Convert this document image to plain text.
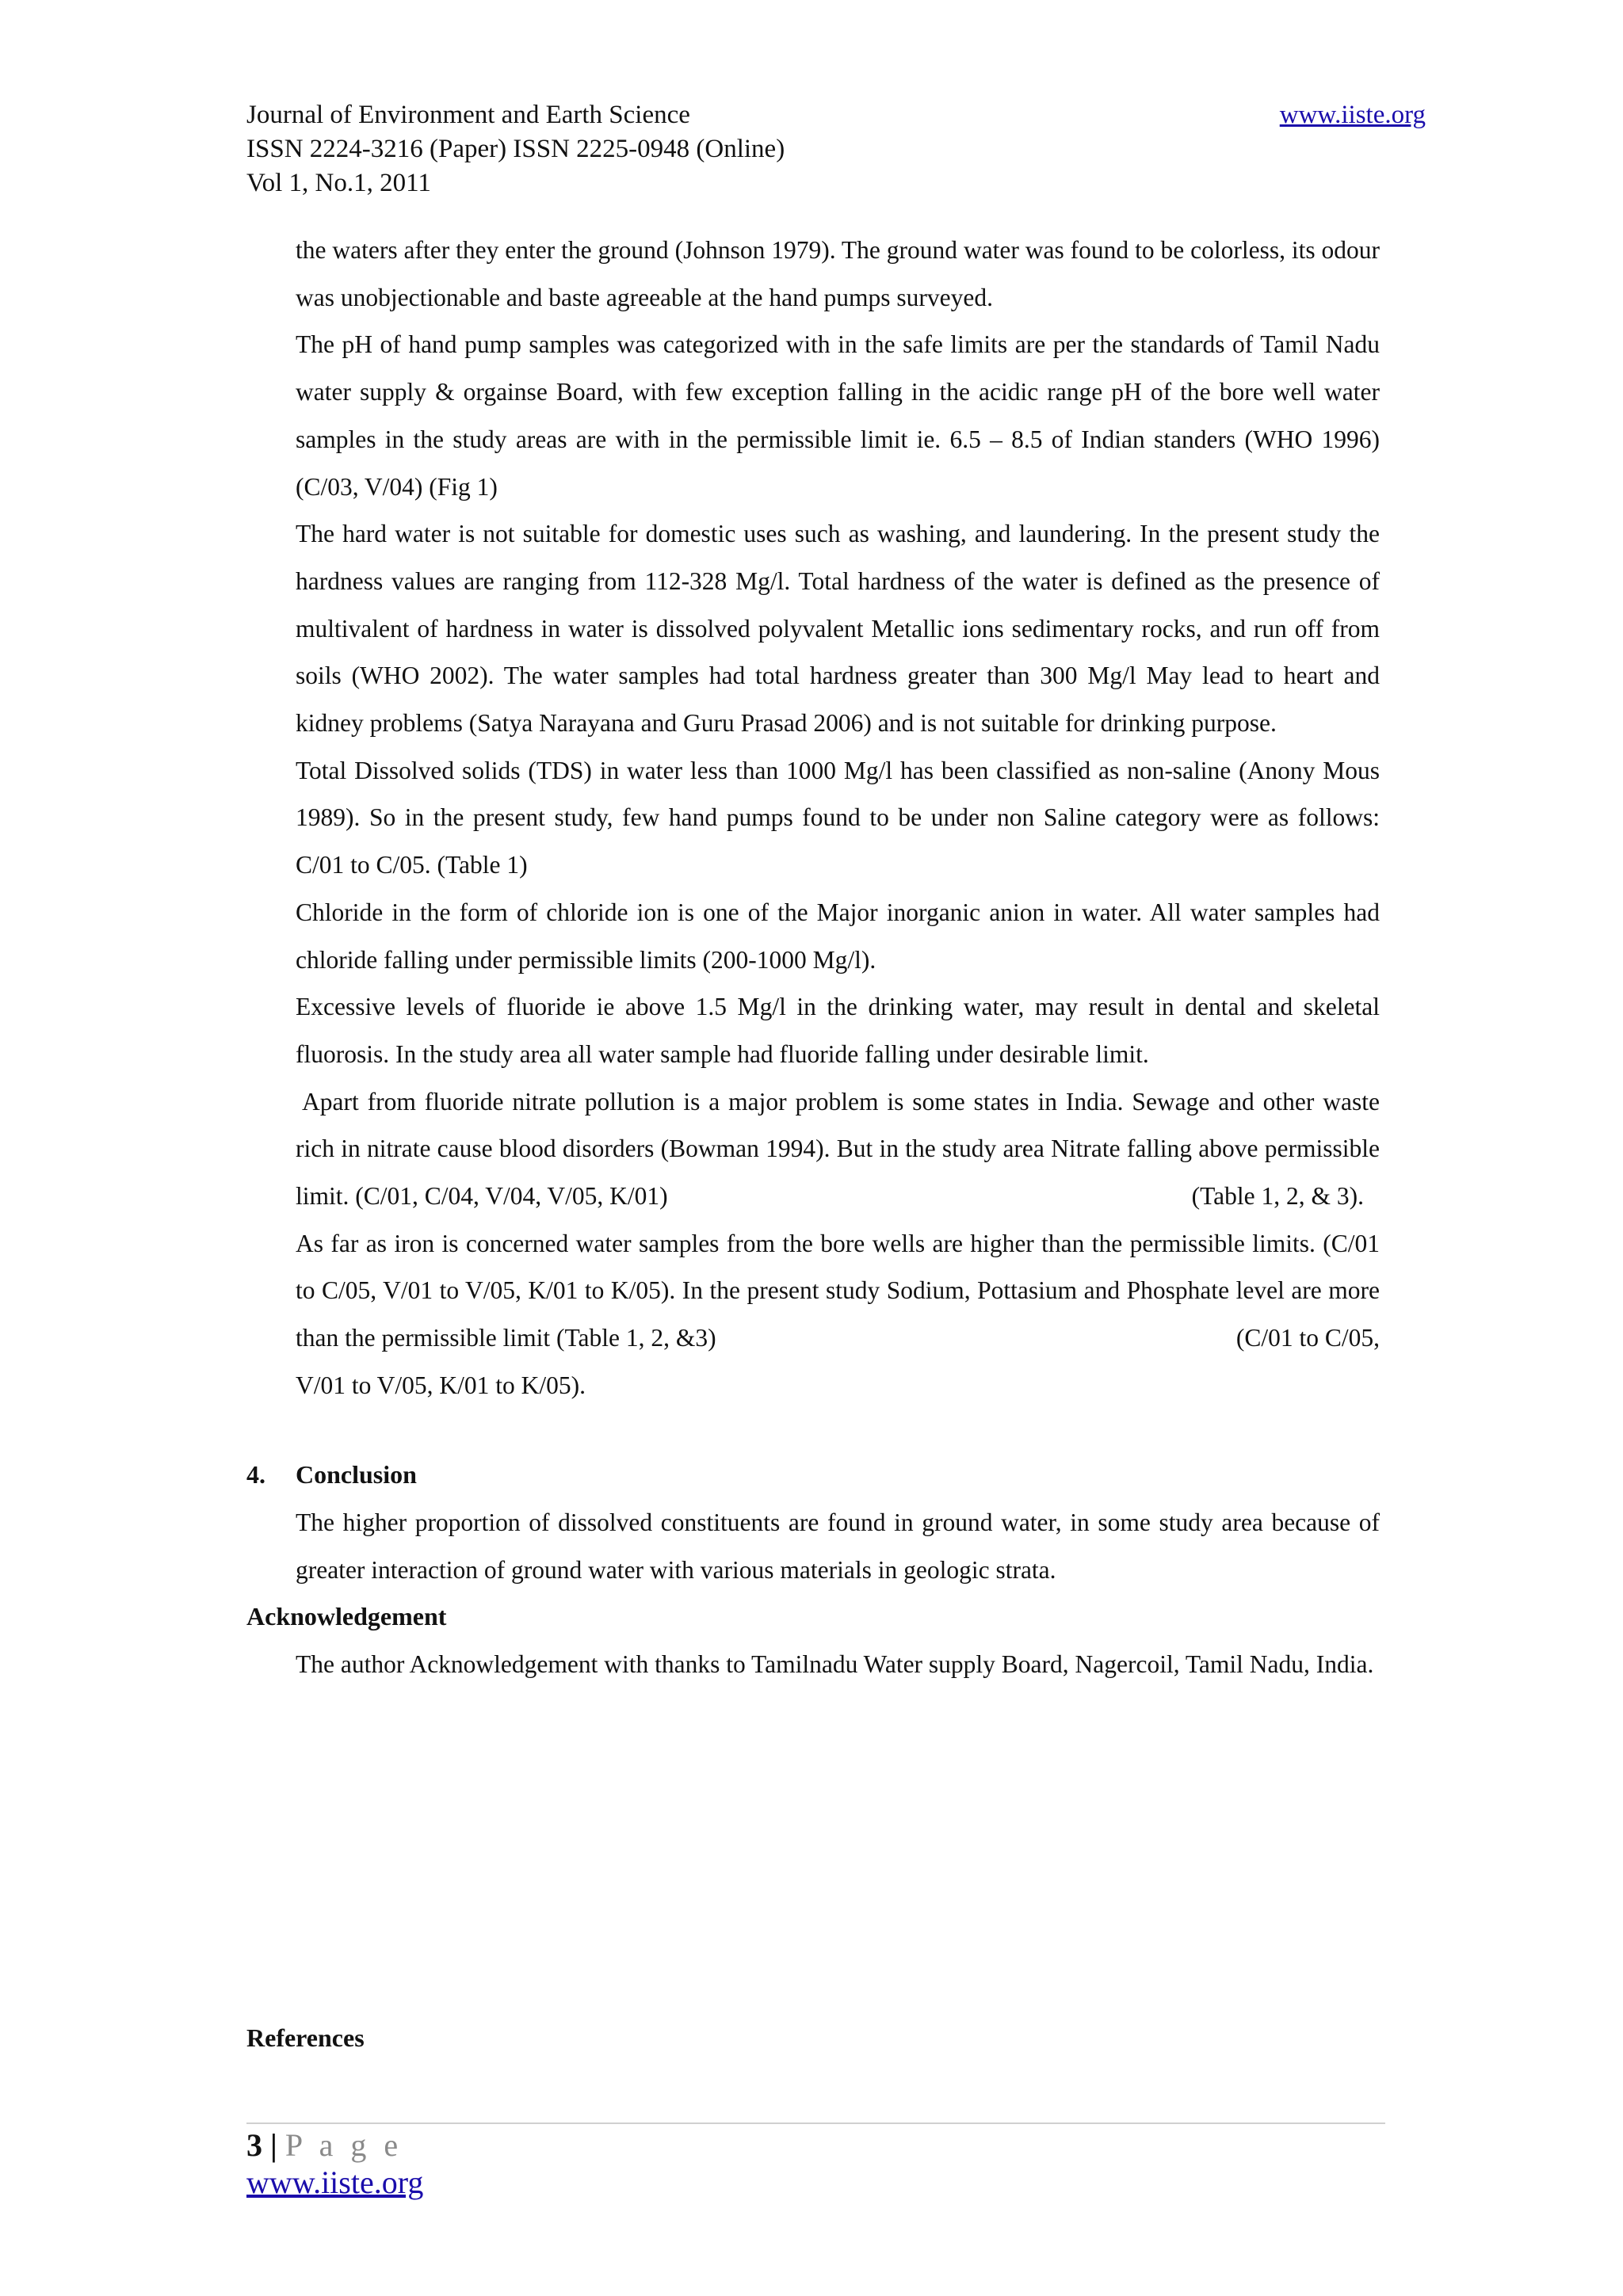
Journal of Environment and Earth Science
ISSN 2224-3216 (Paper) ISSN 2225-0948 (Online)
Vol 1, No.1, 2011
www.iiste.org

the waters after they enter the ground (Johnson 1979). The ground water was found to be colorless, its odour was unobjectionable and baste agreeable at the hand pumps surveyed.

The pH of hand pump samples was categorized with in the safe limits are per the standards of Tamil Nadu water supply & orgainse Board, with few exception falling in the acidic range pH of the bore well water samples in the study areas are with in the permissible limit ie. 6.5 – 8.5 of Indian standers (WHO 1996) (C/03, V/04) (Fig 1)

The hard water is not suitable for domestic uses such as washing, and laundering. In the present study the hardness values are ranging from 112-328 Mg/l. Total hardness of the water is defined as the presence of multivalent of hardness in water is dissolved polyvalent Metallic ions sedimentary rocks, and run off from soils (WHO 2002). The water samples had total hardness greater than 300 Mg/l May lead to heart and kidney problems (Satya Narayana and Guru Prasad 2006) and is not suitable for drinking purpose.

Total Dissolved solids (TDS) in water less than 1000 Mg/l has been classified as non-saline (Anony Mous 1989). So in the present study, few hand pumps found to be under non Saline category were as follows: C/01 to C/05. (Table 1)

Chloride in the form of chloride ion is one of the Major inorganic anion in water. All water samples had chloride falling under permissible limits (200-1000 Mg/l).

Excessive levels of fluoride ie above 1.5 Mg/l in the drinking water, may result in dental and skeletal fluorosis. In the study area all water sample had fluoride falling under desirable limit.

Apart from fluoride nitrate pollution is a major problem is some states in India. Sewage and other waste rich in nitrate cause blood disorders (Bowman 1994). But in the study area Nitrate falling above permissible limit. (C/01, C/04, V/04, V/05, K/01)	(Table 1, 2, & 3).

As far as iron is concerned water samples from the bore wells are higher than the permissible limits. (C/01 to C/05, V/01 to V/05, K/01 to K/05). In the present study Sodium, Pottasium and Phosphate level are more than the permissible limit (Table 1, 2, &3)	(C/01 to C/05,

V/01 to V/05, K/01 to K/05).

4. Conclusion

The higher proportion of dissolved constituents are found in ground water, in some study area because of greater interaction of ground water with various materials in geologic strata.

Acknowledgement

The author Acknowledgement with thanks to Tamilnadu Water supply Board, Nagercoil, Tamil Nadu, India.

References
3 | P a g e
www.iiste.org
